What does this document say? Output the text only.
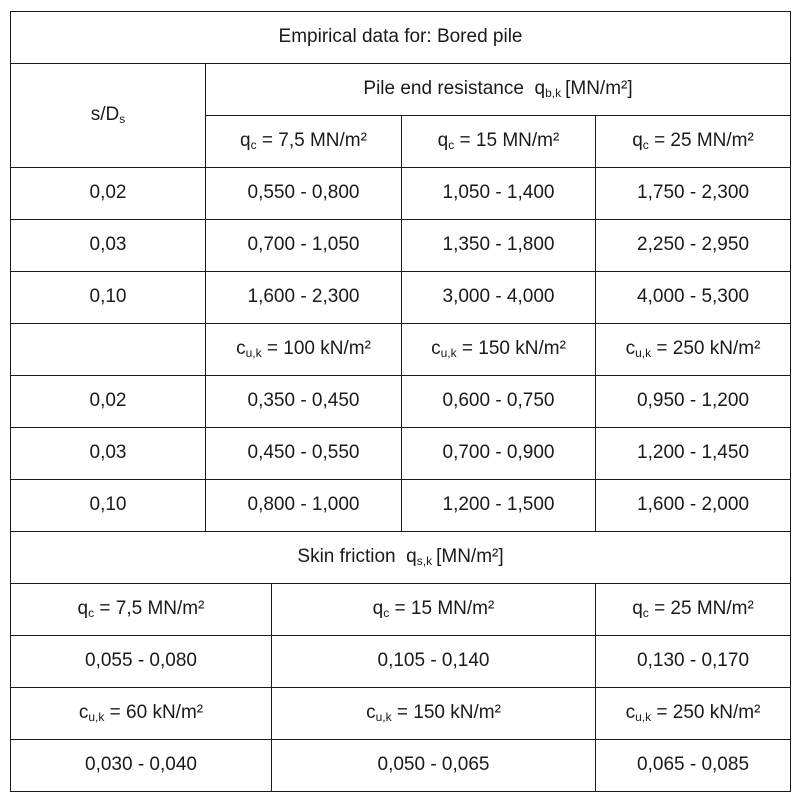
Empirical data for: Bored pile				
$s/D_s$	Pile end resistance $q_{b,k}$ [MN/m²]			
	$q_c = 7,5$ MN/m²		$q_c = 15$ MN/m²	$q_c = 25$ MN/m²
0,02	0,550 - 0,800		1,050 - 1,400	1,750 - 2,300
0,03	0,700 - 1,050		1,350 - 1,800	2,250 - 2,950
0,10	1,600 - 2,300		3,000 - 4,000	4,000 - 5,300
	$c_{u,k} = 100$ kN/m²		$c_{u,k} = 150$ kN/m²	$c_{u,k} = 250$ kN/m²
0,02	0,350 - 0,450		0,600 - 0,750	0,950 - 1,200
0,03	0,450 - 0,550		0,700 - 0,900	1,200 - 1,450
0,10	0,800 - 1,000		1,200 - 1,500	1,600 - 2,000
Skin friction $q_{s,k}$ [MN/m²]				
$q_c = 7,5$ MN/m²		$q_c = 15$ MN/m²		$q_c = 25$ MN/m²
0,055 - 0,080		0,105 - 0,140		0,130 - 0,170
$c_{u,k} = 60$ kN/m²		$c_{u,k} = 150$ kN/m²		$c_{u,k} = 250$ kN/m²
0,030 - 0,040		0,050 - 0,065		0,065 - 0,085
